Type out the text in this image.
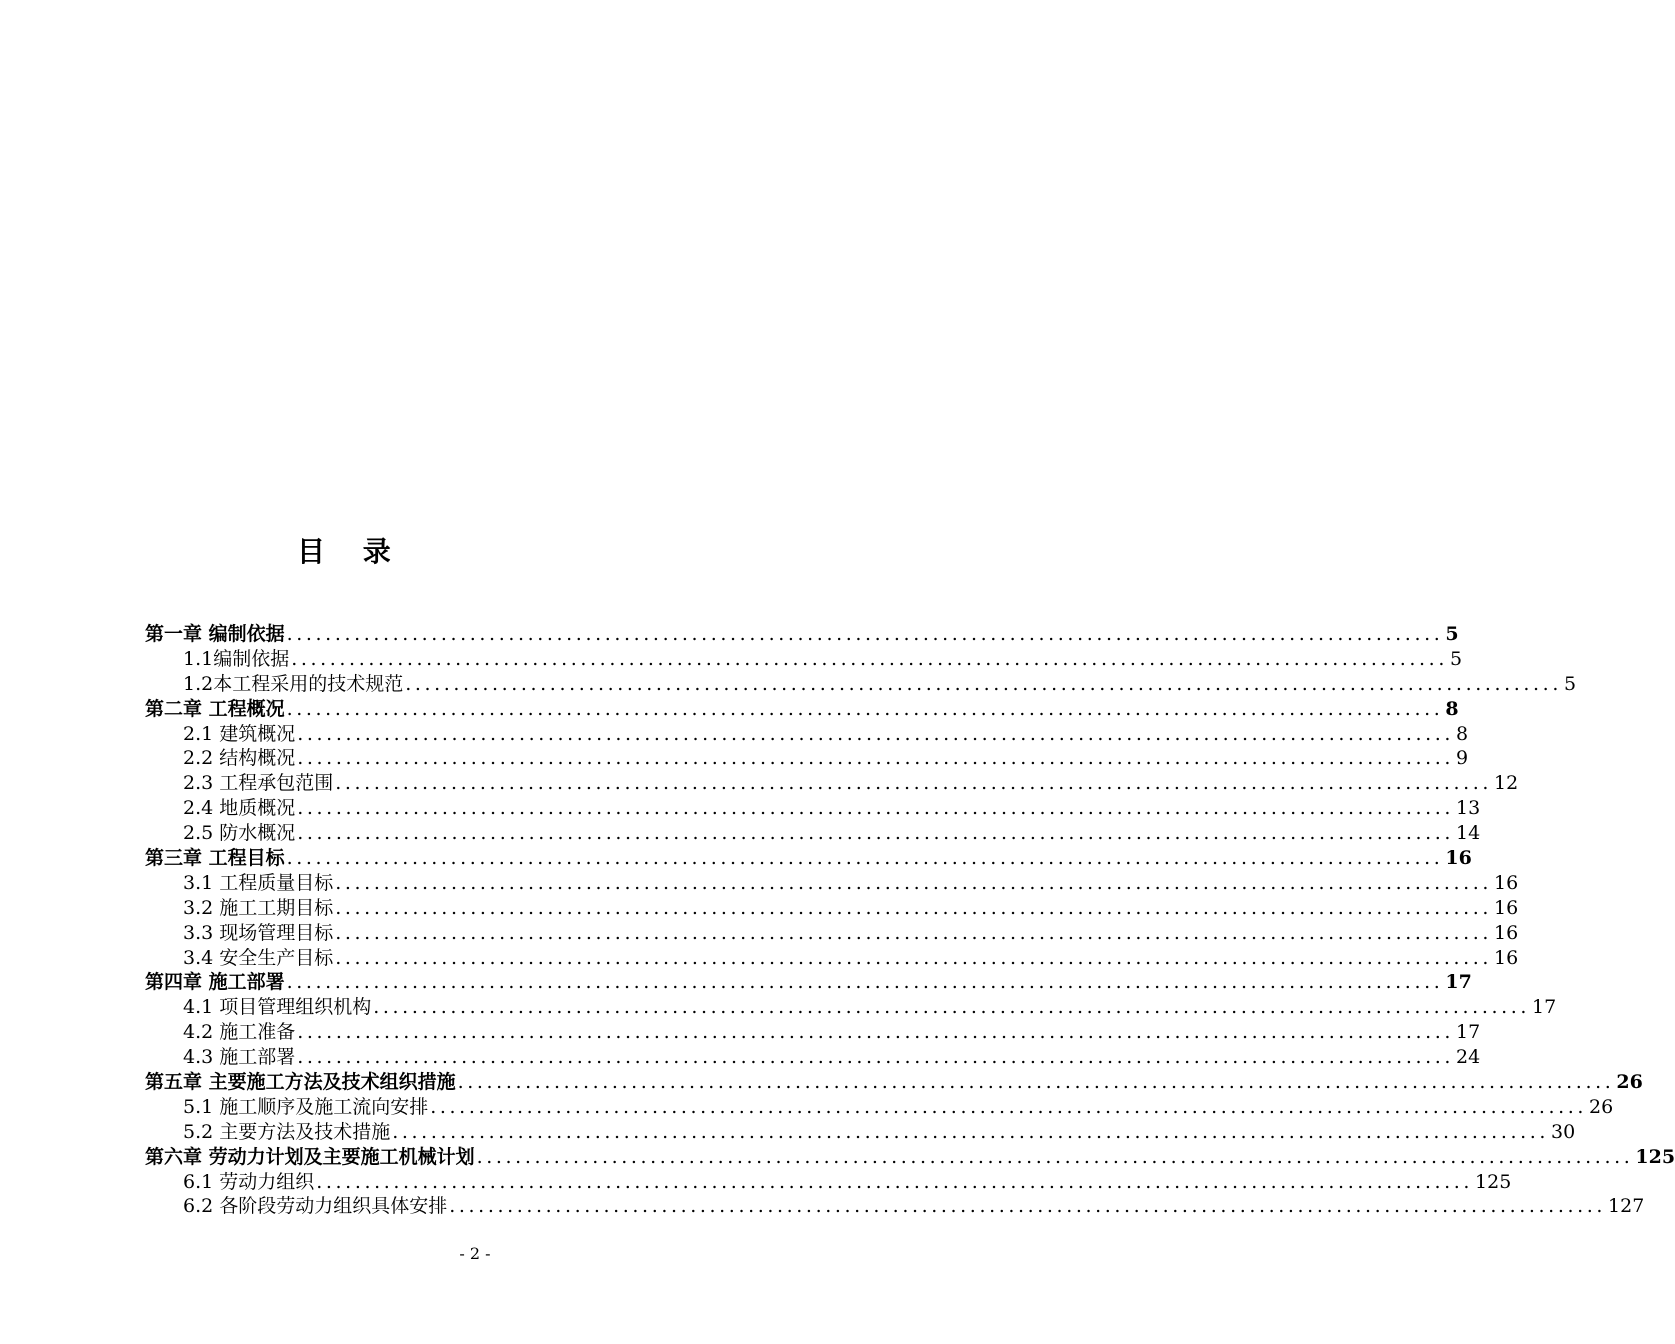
目 录
第一章 编制依据 ........................................................................................................................ 5
1.1编制依据 ........................................................................................................................ 5
1.2本工程采用的技术规范 ........................................................................................................................ 5
第二章 工程概况 ........................................................................................................................ 8
2.1 建筑概况 ........................................................................................................................ 8
2.2 结构概况 ........................................................................................................................ 9
2.3 工程承包范围 ........................................................................................................................ 12
2.4 地质概况 ........................................................................................................................ 13
2.5 防水概况 ........................................................................................................................ 14
第三章 工程目标 ........................................................................................................................ 16
3.1 工程质量目标 ........................................................................................................................ 16
3.2 施工工期目标 ........................................................................................................................ 16
3.3 现场管理目标 ........................................................................................................................ 16
3.4 安全生产目标 ........................................................................................................................ 16
第四章 施工部署 ........................................................................................................................ 17
4.1 项目管理组织机构 ........................................................................................................................ 17
4.2 施工准备 ........................................................................................................................ 17
4.3 施工部署 ........................................................................................................................ 24
第五章 主要施工方法及技术组织措施 ........................................................................................................................ 26
5.1 施工顺序及施工流向安排 ........................................................................................................................ 26
5.2 主要方法及技术措施 ........................................................................................................................ 30
第六章 劳动力计划及主要施工机械计划 ........................................................................................................................ 125
6.1 劳动力组织 ........................................................................................................................ 125
6.2 各阶段劳动力组织具体安排 ........................................................................................................................ 127
- 2 -
